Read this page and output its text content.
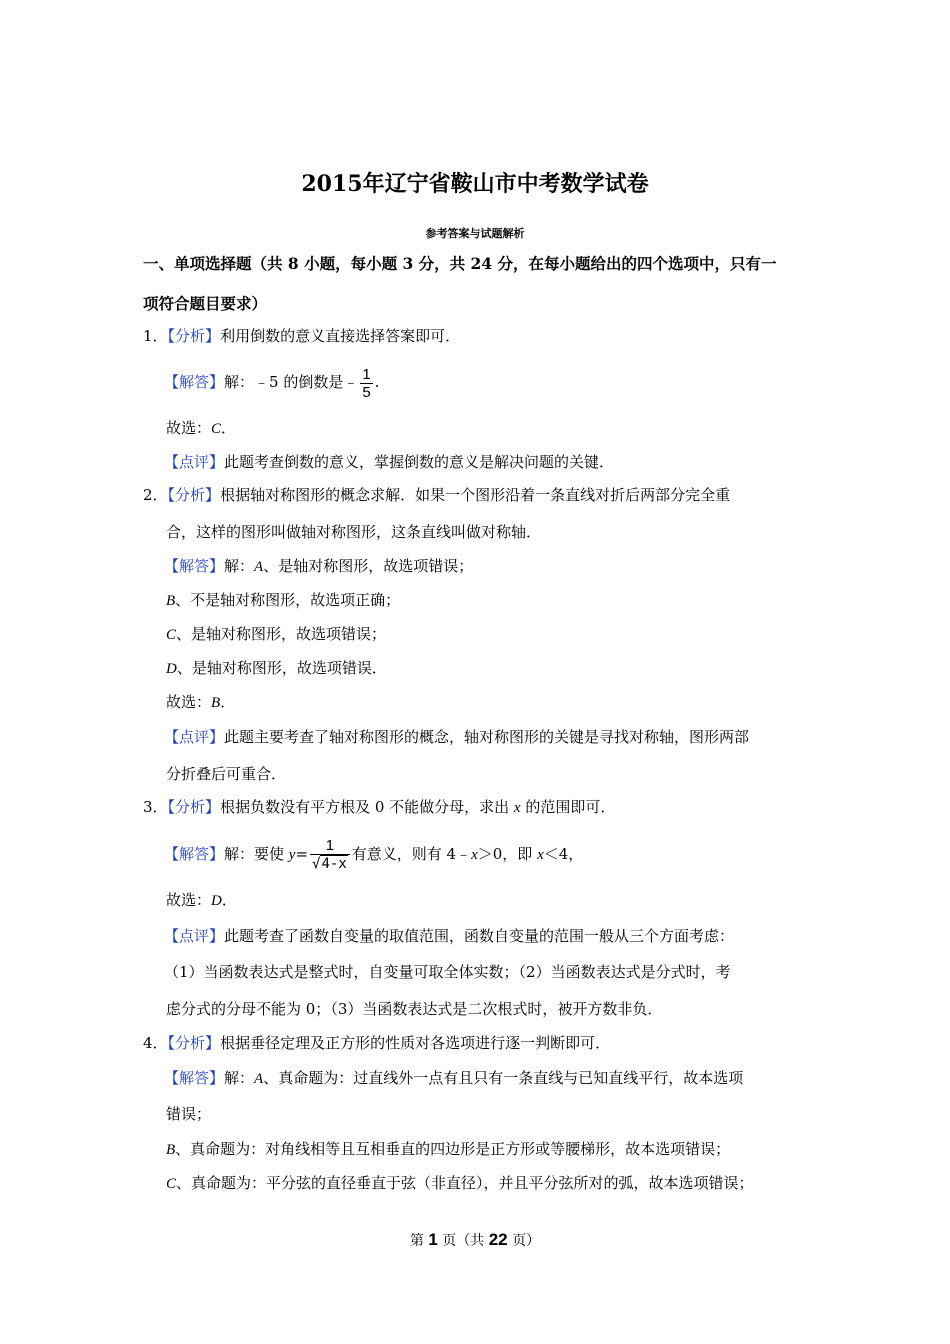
2015年辽宁省鞍山市中考数学试卷
参考答案与试题解析
一、单项选择题（共 8 小题，每小题 3 分，共 24 分，在每小题给出的四个选项中，只有一
项符合题目要求）
1．【分析】利用倒数的意义直接选择答案即可．
【解答】解：﹣5 的倒数是﹣ $\frac{1}{5}$ .
故选：C．
【点评】此题考查倒数的意义，掌握倒数的意义是解决问题的关键．
2．【分析】根据轴对称图形的概念求解．如果一个图形沿着一条直线对折后两部分完全重
合，这样的图形叫做轴对称图形，这条直线叫做对称轴．
【解答】解：A、是轴对称图形，故选项错误；
B、不是轴对称图形，故选项正确；
C、是轴对称图形，故选项错误；
D、是轴对称图形，故选项错误．
故选：B．
【点评】此题主要考查了轴对称图形的概念，轴对称图形的关键是寻找对称轴，图形两部
分折叠后可重合．
3．【分析】根据负数没有平方根及 0 不能做分母，求出 x 的范围即可．
【解答】解：要使 $y= \frac{1}{√4-x}$ 有意义，则有 4﹣x＞0，即 x＜4，
故选：D．
【点评】此题考查了函数自变量的取值范围，函数自变量的范围一般从三个方面考虑：
（1）当函数表达式是整式时，自变量可取全体实数；（2）当函数表达式是分式时，考
虑分式的分母不能为 0；（3）当函数表达式是二次根式时，被开方数非负．
4．【分析】根据垂径定理及正方形的性质对各选项进行逐一判断即可．
【解答】解：A、真命题为：过直线外一点有且只有一条直线与已知直线平行，故本选项
错误；
B、真命题为：对角线相等且互相垂直的四边形是正方形或等腰梯形，故本选项错误；
C、真命题为：平分弦的直径垂直于弦（非直径），并且平分弦所对的弧，故本选项错误；
第 1 页（共 22 页）
